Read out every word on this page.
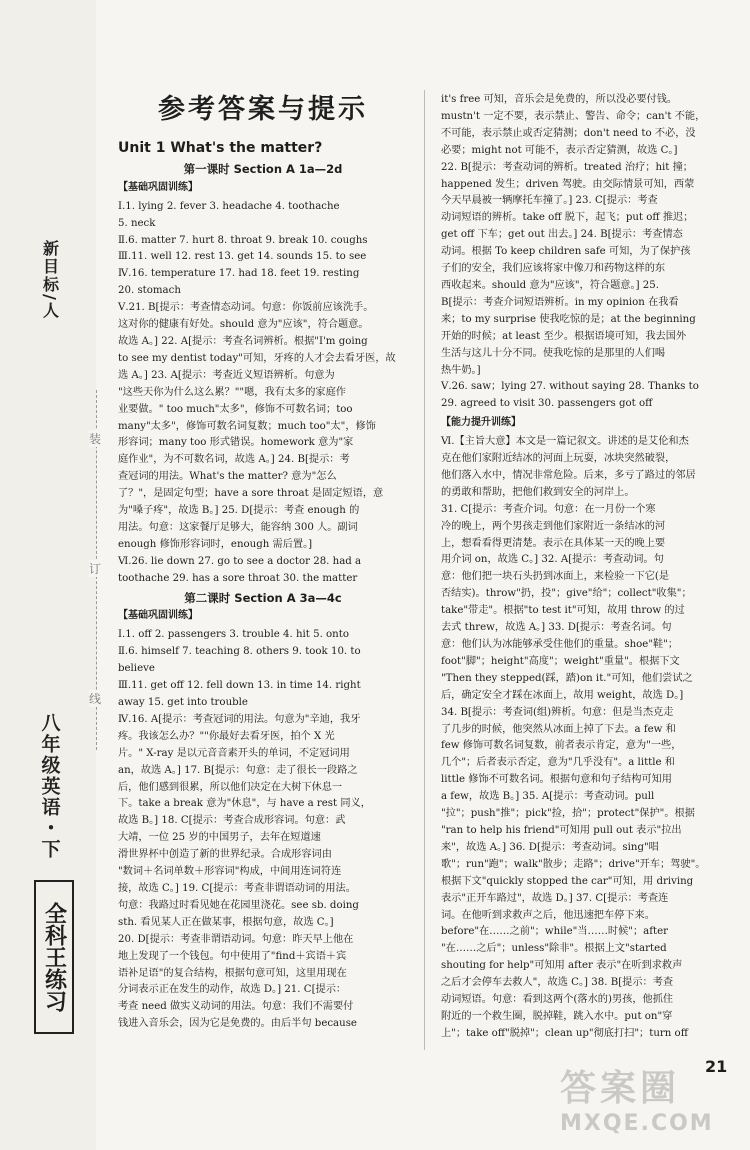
新目标/人
八年级英语・下
全科王练习
装
订
线
参考答案与提示
Unit 1 What's the matter?
第一课时 Section A 1a—2d
【基础巩固训练】
Ⅰ.1. lying 2. fever 3. headache 4. toothache
5. neck
Ⅱ.6. matter 7. hurt 8. throat 9. break 10. coughs
Ⅲ.11. well 12. rest 13. get 14. sounds 15. to see
Ⅳ.16. temperature 17. had 18. feet 19. resting
20. stomach
Ⅴ.21. B[提示：考查情态动词。句意：你饭前应该洗手。
这对你的健康有好处。should 意为"应该"，符合题意。
故选 A。] 22. A[提示：考查名词辨析。根据"I'm going
to see my dentist today"可知，牙疼的人才会去看牙医，故
选 A。] 23. A[提示：考查近义短语辨析。句意为
"这些天你为什么这么累？""嗯，我有太多的家庭作
业要做。" too much"太多"，修饰不可数名词；too
many"太多"，修饰可数名词复数；much too"太"，修饰
形容词；many too 形式错误。homework 意为"家
庭作业"，为不可数名词，故选 A。] 24. B[提示：考
查冠词的用法。What's the matter? 意为"怎么
了？"，是固定句型；have a sore throat 是固定短语，意
为"嗓子疼"，故选 B。] 25. D[提示：考查 enough 的
用法。句意：这家餐厅足够大，能容纳 300 人。副词
enough 修饰形容词时，enough 需后置。]
Ⅵ.26. lie down 27. go to see a doctor 28. had a
toothache 29. has a sore throat 30. the matter
第二课时 Section A 3a—4c
【基础巩固训练】
Ⅰ.1. off 2. passengers 3. trouble 4. hit 5. onto
Ⅱ.6. himself 7. teaching 8. others 9. took 10. to
believe
Ⅲ.11. get off 12. fell down 13. in time 14. right
away 15. get into trouble
Ⅳ.16. A[提示：考查冠词的用法。句意为"辛迪，我牙
疼。我该怎么办？""你最好去看牙医，拍个 X 光
片。" X-ray 是以元音音素开头的单词，不定冠词用
an，故选 A。] 17. B[提示：句意：走了很长一段路之
后，他们感到很累，所以他们决定在大树下休息一
下。take a break 意为"休息"，与 have a rest 同义，
故选 B。] 18. C[提示：考查合成形容词。句意：武
大靖，一位 25 岁的中国男子，去年在短道速
滑世界杯中创造了新的世界纪录。合成形容词由
"数词＋名词单数＋形容词"构成，中间用连词符连
接，故选 C。] 19. C[提示：考查非谓语动词的用法。
句意：我路过时看见她在花园里浇花。see sb. doing
sth. 看见某人正在做某事，根据句意，故选 C。]
20. D[提示：考查非谓语动词。句意：昨天早上他在
地上发现了一个钱包。句中使用了"find＋宾语＋宾
语补足语"的复合结构，根据句意可知，这里用现在
分词表示正在发生的动作，故选 D。] 21. C[提示：
考查 need 做实义动词的用法。句意：我们不需要付
钱进入音乐会，因为它是免费的。由后半句 because
it's free 可知，音乐会是免费的，所以没必要付钱。
mustn't 一定不要，表示禁止、警告、命令；can't 不能，
不可能，表示禁止或否定猜测；don't need to 不必，没
必要；might not 可能不，表示否定猜测，故选 C。]
22. B[提示：考查动词的辨析。treated 治疗；hit 撞；
happened 发生；driven 驾驶。由交际情景可知，西蒙
今天早晨被一辆摩托车撞了。] 23. C[提示：考查
动词短语的辨析。take off 脱下，起飞；put off 推迟；
get off 下车；get out 出去。] 24. B[提示：考查情态
动词。根据 To keep children safe 可知，为了保护孩
子们的安全，我们应该将家中像刀和药物这样的东
西收起来。should 意为"应该"，符合题意。] 25.
B[提示：考查介词短语辨析。in my opinion 在我看
来；to my surprise 使我吃惊的是；at the beginning
开始的时候；at least 至少。根据语境可知，我去国外
生活与这儿十分不同。使我吃惊的是那里的人们喝
热牛奶。]
Ⅴ.26. saw；lying 27. without saying 28. Thanks to
29. agreed to visit 30. passengers got off
【能力提升训练】
Ⅵ.【主旨大意】本文是一篇记叙文。讲述的是艾伦和杰
克在他们家附近结冰的河面上玩耍，冰块突然破裂，
他们落入水中，情况非常危险。后来，多亏了路过的邻居
的勇敢和帮助，把他们救到安全的河岸上。
31. C[提示：考查介词。句意：在一月份一个寒
冷的晚上，两个男孩走到他们家附近一条结冰的河
上，想看看得更清楚。表示在具体某一天的晚上要
用介词 on，故选 C。] 32. A[提示：考查动词。句
意：他们把一块石头扔到冰面上，来检验一下它(是
否结实)。throw"扔，投"；give"给"；collect"收集"；
take"带走"。根据"to test it"可知，故用 throw 的过
去式 threw，故选 A。] 33. D[提示：考查名词。句
意：他们认为冰能够承受住他们的重量。shoe"鞋"；
foot"脚"；height"高度"；weight"重量"。根据下文
"Then they stepped(踩，踏)on it."可知，他们尝试之
后，确定安全才踩在冰面上，故用 weight，故选 D。]
34. B[提示：考查词(组)辨析。句意：但是当杰克走
了几步的时候，他突然从冰面上掉了下去。a few 和
few 修饰可数名词复数，前者表示肯定，意为"一些，
几个"；后者表示否定，意为"几乎没有"。a little 和
little 修饰不可数名词。根据句意和句子结构可知用
a few，故选 B。] 35. A[提示：考查动词。pull
"拉"；push"推"；pick"捡，拾"；protect"保护"。根据
"ran to help his friend"可知用 pull out 表示"拉出
来"，故选 A。] 36. D[提示：考查动词。sing"唱
歌"；run"跑"；walk"散步；走路"；drive"开车；驾驶"。
根据下文"quickly stopped the car"可知，用 driving
表示"正开车路过"，故选 D。] 37. C[提示：考查连
词。在他听到求救声之后，他迅速把车停下来。
before"在……之前"；while"当……时候"；after
"在……之后"；unless"除非"。根据上文"started
shouting for help"可知用 after 表示"在听到求救声
之后才会停车去救人"，故选 C。] 38. B[提示：考查
动词短语。句意：看到这两个(落水的)男孩，他抓住
附近的一个救生圈，脱掉鞋，跳入水中。put on"穿
上"；take off"脱掉"；clean up"彻底打扫"；turn off
21
答案圈
MXQE.COM
